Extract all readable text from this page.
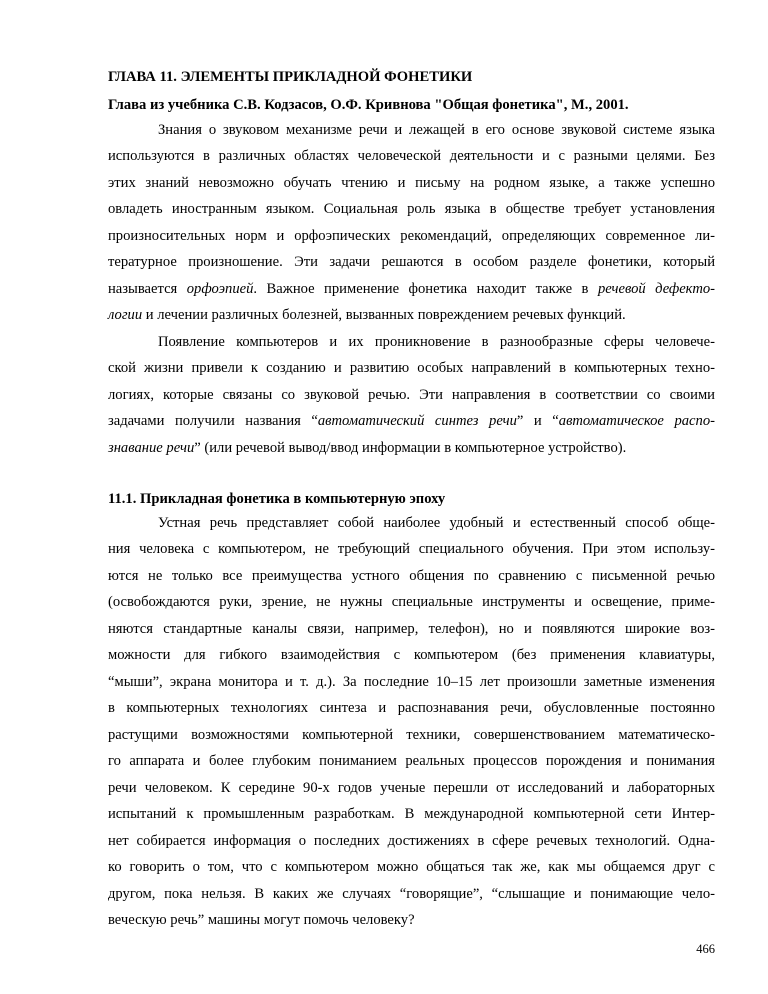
ГЛАВА 11. ЭЛЕМЕНТЫ ПРИКЛАДНОЙ ФОНЕТИКИ
Глава из учебника С.В. Кодзасов, О.Ф. Кривнова "Общая фонетика", М., 2001.
Знания о звуковом механизме речи и лежащей в его основе звуковой системе языка
используются в различных областях человеческой деятельности и с разными целями. Без
этих знаний невозможно обучать чтению и письму на родном языке, а также успешно
овладеть иностранным языком. Социальная роль языка в обществе требует установления
произносительных норм и орфоэпических рекомендаций, определяющих современное ли-
тературное произношение. Эти задачи решаются в особом разделе фонетики, который
называется орфоэпией. Важное применение фонетика находит также в речевой дефекто-
логии и лечении различных болезней, вызванных повреждением речевых функций.
Появление компьютеров и их проникновение в разнообразные сферы человече-
ской жизни привели к созданию и развитию особых направлений в компьютерных техно-
логиях, которые связаны со звуковой речью. Эти направления в соответствии со своими
задачами получили названия “автоматический синтез речи” и “автоматическое распо-
знавание речи” (или речевой вывод/ввод информации в компьютерное устройство).
11.1. Прикладная фонетика в компьютерную эпоху
Устная речь представляет собой наиболее удобный и естественный способ обще-
ния человека с компьютером, не требующий специального обучения. При этом использу-
ются не только все преимущества устного общения по сравнению с письменной речью
(освобождаются руки, зрение, не нужны специальные инструменты и освещение, приме-
няются стандартные каналы связи, например, телефон), но и появляются широкие воз-
можности для гибкого взаимодействия с компьютером (без применения клавиатуры,
“мыши”, экрана монитора и т. д.). За последние 10–15 лет произошли заметные изменения
в компьютерных технологиях синтеза и распознавания речи, обусловленные постоянно
растущими возможностями компьютерной техники, совершенствованием математическо-
го аппарата и более глубоким пониманием реальных процессов порождения и понимания
речи человеком. К середине 90-х годов ученые перешли от исследований и лабораторных
испытаний к промышленным разработкам. В международной компьютерной сети Интер-
нет собирается информация о последних достижениях в сфере речевых технологий. Одна-
ко говорить о том, что с компьютером можно общаться так же, как мы общаемся друг с
другом, пока нельзя. В каких же случаях “говорящие”, “слышащие и понимающие чело-
веческую речь” машины могут помочь человеку?
466
